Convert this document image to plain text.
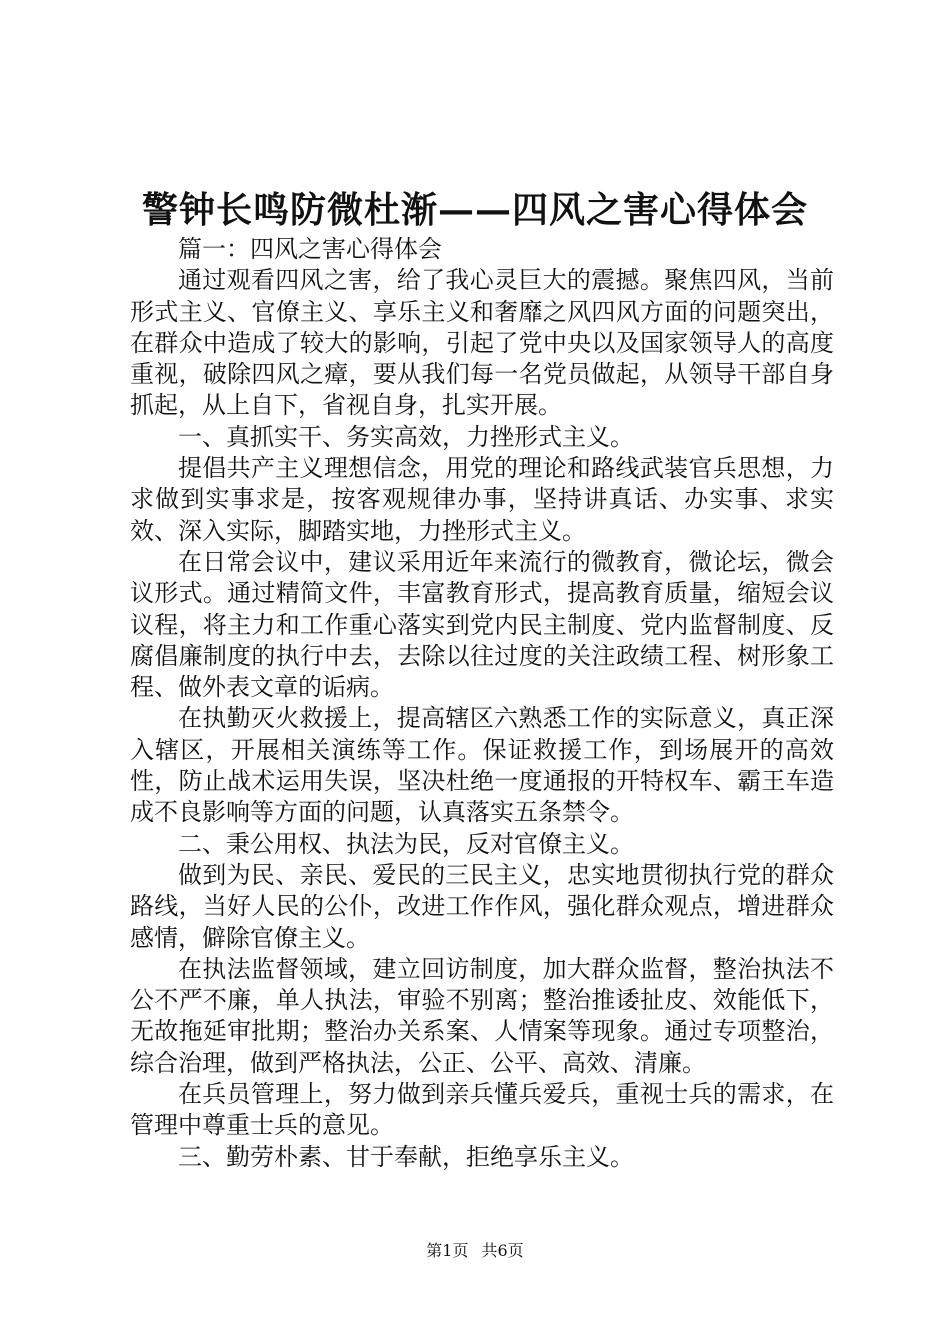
警钟长鸣防微杜渐——四风之害心得体会

篇一：四风之害心得体会

通过观看四风之害，给了我心灵巨大的震撼。聚焦四风，当前形式主义、官僚主义、享乐主义和奢靡之风四风方面的问题突出，在群众中造成了较大的影响，引起了党中央以及国家领导人的高度重视，破除四风之瘴，要从我们每一名党员做起，从领导干部自身抓起，从上自下，省视自身，扎实开展。

一、真抓实干、务实高效，力挫形式主义。

提倡共产主义理想信念，用党的理论和路线武装官兵思想，力求做到实事求是，按客观规律办事，坚持讲真话、办实事、求实效、深入实际，脚踏实地，力挫形式主义。

在日常会议中，建议采用近年来流行的微教育，微论坛，微会议形式。通过精简文件，丰富教育形式，提高教育质量，缩短会议议程，将主力和工作重心落实到党内民主制度、党内监督制度、反腐倡廉制度的执行中去，去除以往过度的关注政绩工程、树形象工程、做外表文章的诟病。

在执勤灭火救援上，提高辖区六熟悉工作的实际意义，真正深入辖区，开展相关演练等工作。保证救援工作，到场展开的高效性，防止战术运用失误，坚决杜绝一度通报的开特权车、霸王车造成不良影响等方面的问题，认真落实五条禁令。

二、秉公用权、执法为民，反对官僚主义。

做到为民、亲民、爱民的三民主义，忠实地贯彻执行党的群众路线，当好人民的公仆，改进工作作风，强化群众观点，增进群众感情，僻除官僚主义。

在执法监督领域，建立回访制度，加大群众监督，整治执法不公不严不廉，单人执法，审验不别离；整治推诿扯皮、效能低下，无故拖延审批期；整治办关系案、人情案等现象。通过专项整治，综合治理，做到严格执法，公正、公平、高效、清廉。

在兵员管理上，努力做到亲兵懂兵爱兵，重视士兵的需求，在管理中尊重士兵的意见。

三、勤劳朴素、甘于奉献，拒绝享乐主义。

第1页 共6页
